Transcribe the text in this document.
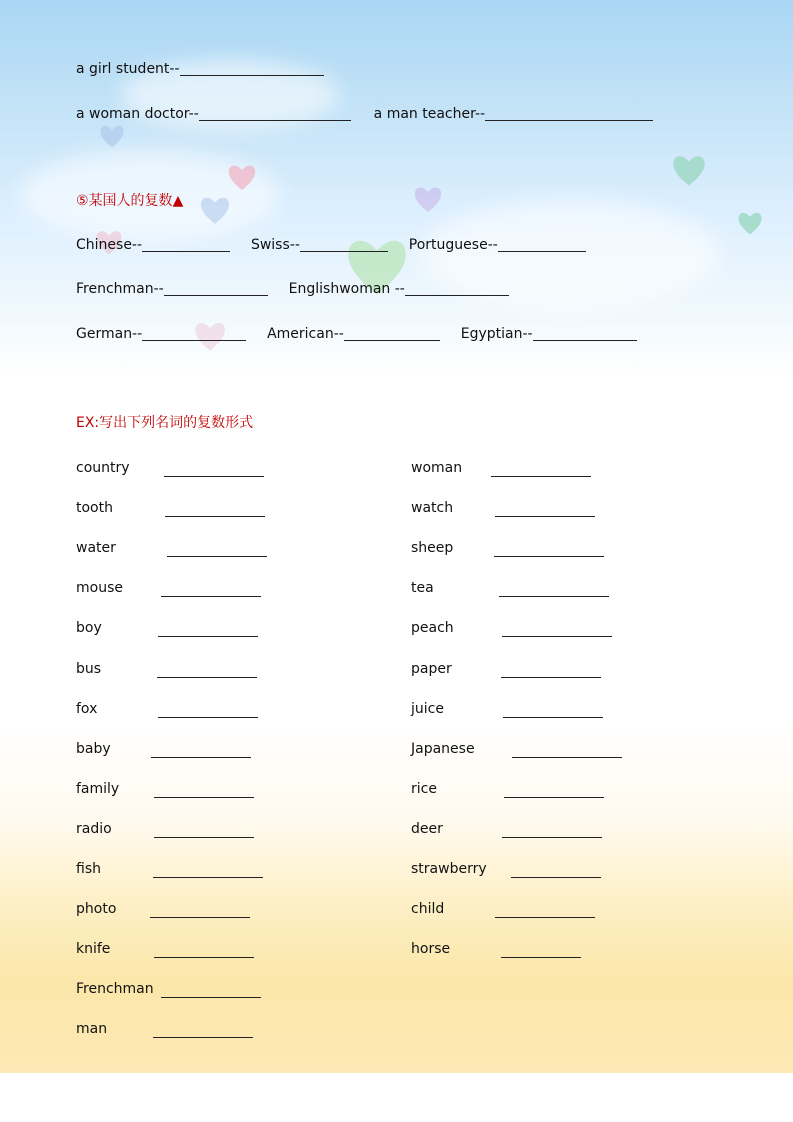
a girl student--
a woman doctor--	a man teacher--
⑤某国人的复数▲
Chinese--	Swiss--	Portuguese--
Frenchman--	Englishwoman --
German--	American--	Egyptian--
EX:写出下列名词的复数形式
country
tooth
water
mouse
boy
bus
fox
baby
family
radio
fish
photo
knife
Frenchman
man
woman
watch
sheep
tea
peach
paper
juice
Japanese
rice
deer
strawberry
child
horse
